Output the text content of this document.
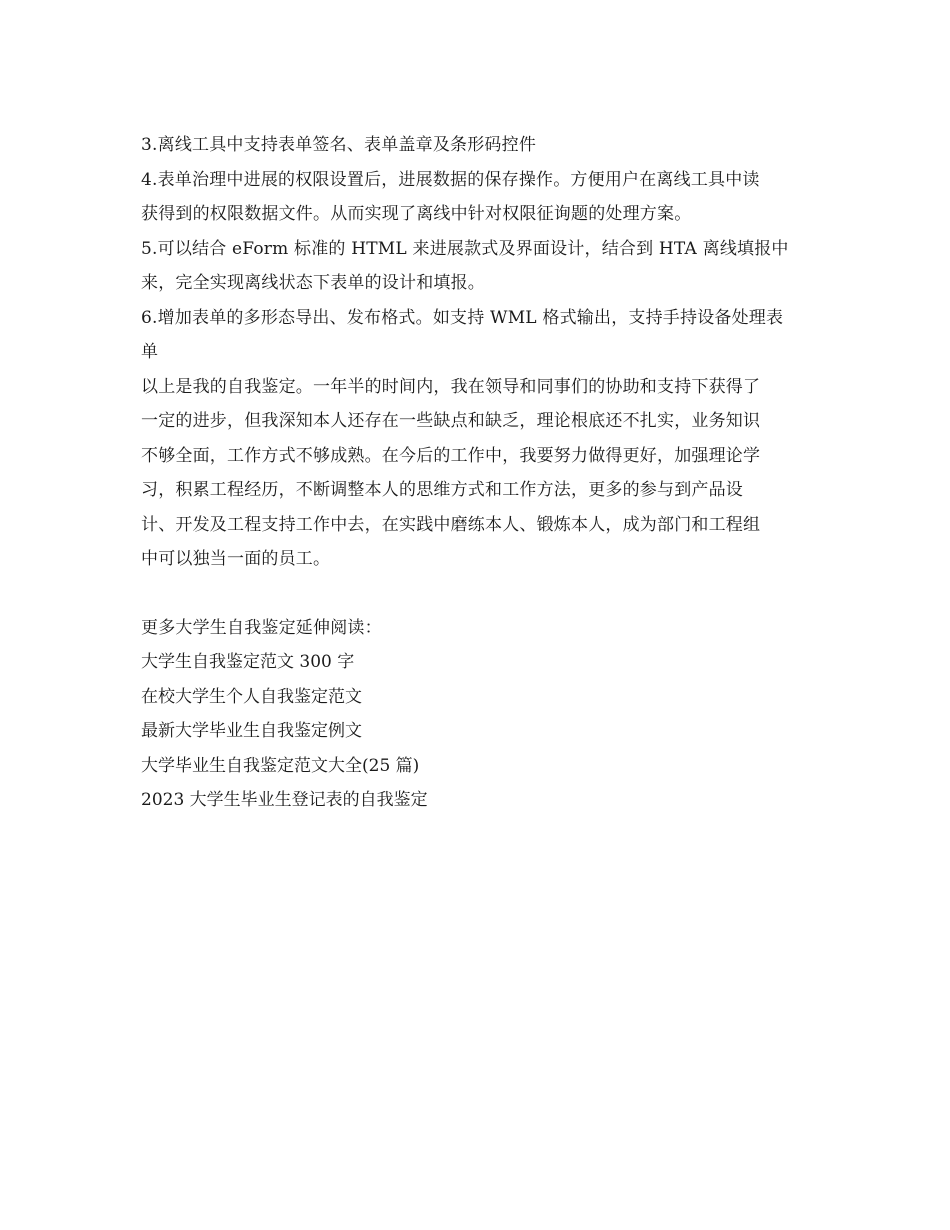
3.离线工具中支持表单签名、表单盖章及条形码控件
4.表单治理中进展的权限设置后，进展数据的保存操作。方便用户在离线工具中读
获得到的权限数据文件。从而实现了离线中针对权限征询题的处理方案。
5.可以结合 eForm 标准的 HTML 来进展款式及界面设计，结合到 HTA 离线填报中
来，完全实现离线状态下表单的设计和填报。
6.增加表单的多形态导出、发布格式。如支持 WML 格式输出，支持手持设备处理表
单
以上是我的自我鉴定。一年半的时间内，我在领导和同事们的协助和支持下获得了
一定的进步，但我深知本人还存在一些缺点和缺乏，理论根底还不扎实，业务知识
不够全面，工作方式不够成熟。在今后的工作中，我要努力做得更好，加强理论学
习，积累工程经历，不断调整本人的思维方式和工作方法，更多的参与到产品设
计、开发及工程支持工作中去，在实践中磨练本人、锻炼本人，成为部门和工程组
中可以独当一面的员工。
更多大学生自我鉴定延伸阅读：
大学生自我鉴定范文 300 字
在校大学生个人自我鉴定范文
最新大学毕业生自我鉴定例文
大学毕业生自我鉴定范文大全(25 篇)
2023 大学生毕业生登记表的自我鉴定
